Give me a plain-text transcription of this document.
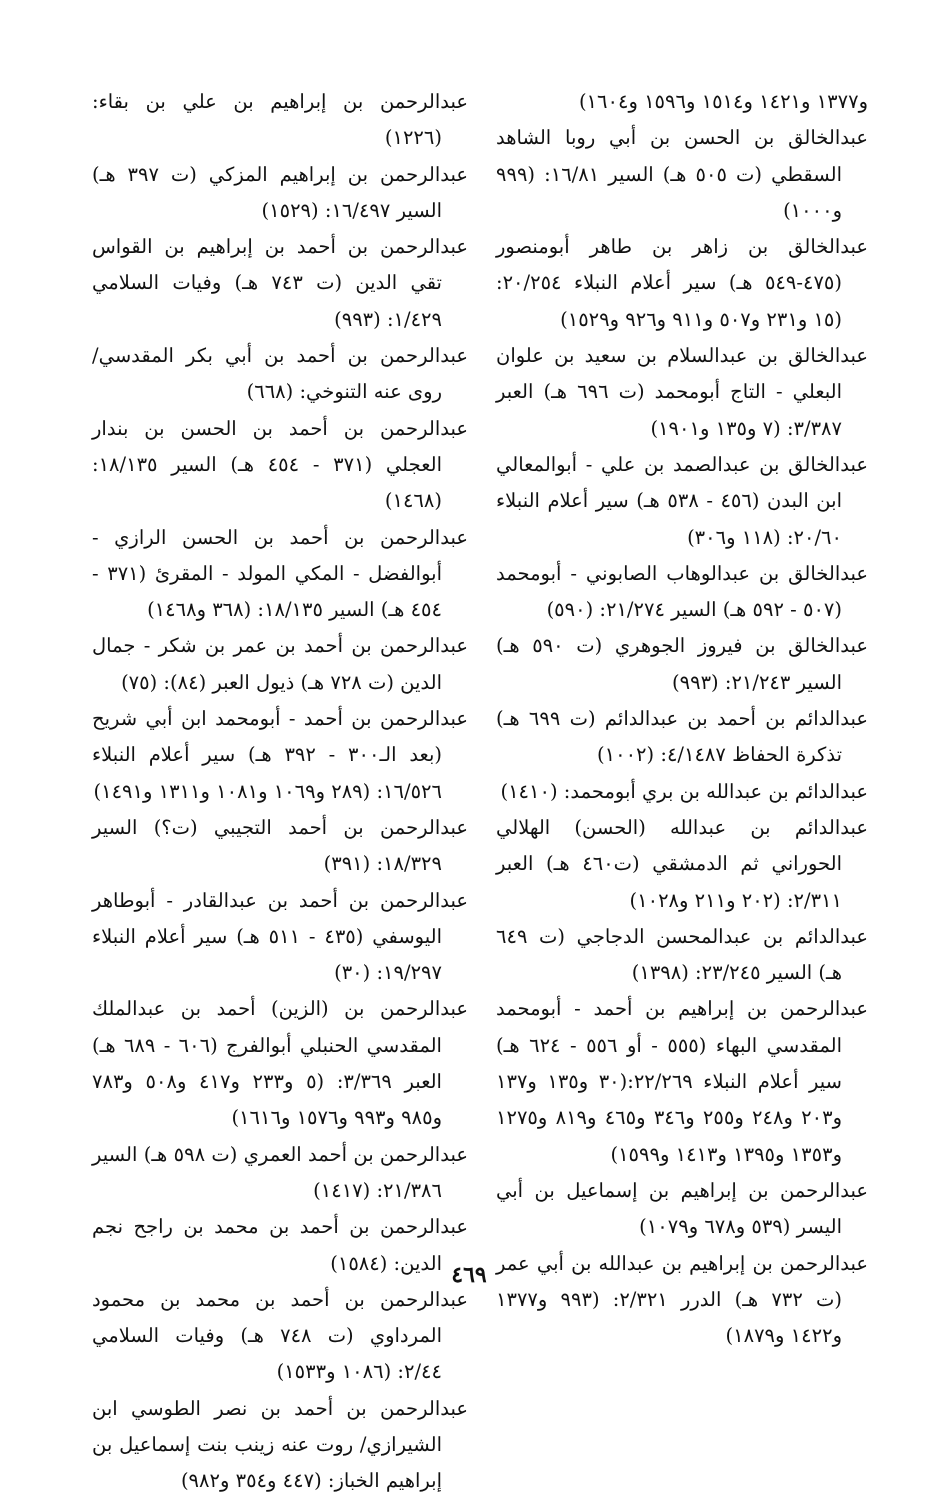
و١٣٧٧ و١٤٢١ و١٥١٤ و١٥٩٦ و١٦٠٤)
عبدالخالق بن الحسن بن أبي روبا الشاهد السقطي (ت ٥٠٥ هـ) السير ١٦/٨١: (٩٩٩ و١٠٠٠)
عبدالخالق بن زاهر بن طاهر أبومنصور (٤٧٥-٥٤٩ هـ) سير أعلام النبلاء ٢٠/٢٥٤: (١٥ و٢٣١ و٥٠٧ و٩١١ و٩٢٦ و١٥٢٩)
عبدالخالق بن عبدالسلام بن سعيد بن علوان البعلي - التاج أبومحمد (ت ٦٩٦ هـ) العبر ٣/٣٨٧: (٧ و١٣٥ و١٩٠١)
عبدالخالق بن عبدالصمد بن علي - أبوالمعالي ابن البدن (٤٥٦ - ٥٣٨ هـ) سير أعلام النبلاء ٢٠/٦٠: (١١٨ و٣٠٦)
عبدالخالق بن عبدالوهاب الصابوني - أبومحمد (٥٠٧ - ٥٩٢ هـ) السير ٢١/٢٧٤: (٥٩٠)
عبدالخالق بن فيروز الجوهري (ت ٥٩٠ هـ) السير ٢١/٢٤٣: (٩٩٣)
عبدالدائم بن أحمد بن عبدالدائم (ت ٦٩٩ هـ) تذكرة الحفاظ ٤/١٤٨٧: (١٠٠٢)
عبدالدائم بن عبدالله بن بري أبومحمد: (١٤١٠)
عبدالدائم بن عبدالله (الحسن) الهلالي الحوراني ثم الدمشقي (ت٤٦٠ هـ) العبر ٢/٣١١: (٢٠٢ و٢١١ و١٠٢٨)
عبدالدائم بن عبدالمحسن الدجاجي (ت ٦٤٩ هـ) السير ٢٣/٢٤٥: (١٣٩٨)
عبدالرحمن بن إبراهيم بن أحمد - أبومحمد المقدسي البهاء (٥٥٥ - أو ٥٥٦ - ٦٢٤ هـ) سير أعلام النبلاء ٢٢/٢٦٩:(٣٠ و١٣٥ و١٣٧ و٢٠٣ و٢٤٨ و٢٥٥ و٣٤٦ و٤٦٥ و٨١٩ و١٢٧٥ و١٣٥٣ و١٣٩٥ و١٤١٣ و١٥٩٩)
عبدالرحمن بن إبراهيم بن إسماعيل بن أبي اليسر (٥٣٩ و٦٧٨ و١٠٧٩)
عبدالرحمن بن إبراهيم بن عبدالله بن أبي عمر (ت ٧٣٢ هـ) الدرر ٢/٣٢١: (٩٩٣ و١٣٧٧ و١٤٢٢ و١٨٧٩)
عبدالرحمن بن إبراهيم بن علي بن بقاء: (١٢٢٦)
عبدالرحمن بن إبراهيم المزكي (ت ٣٩٧ هـ) السير ١٦/٤٩٧: (١٥٢٩)
عبدالرحمن بن أحمد بن إبراهيم بن القواس تقي الدين (ت ٧٤٣ هـ) وفيات السلامي ١/٤٢٩: (٩٩٣)
عبدالرحمن بن أحمد بن أبي بكر المقدسي/ روى عنه التنوخي: (٦٦٨)
عبدالرحمن بن أحمد بن الحسن بن بندار العجلي (٣٧١ - ٤٥٤ هـ) السير ١٨/١٣٥: (١٤٦٨)
عبدالرحمن بن أحمد بن الحسن الرازي - أبوالفضل - المكي المولد - المقرئ (٣٧١ - ٤٥٤ هـ) السير ١٨/١٣٥: (٣٦٨ و١٤٦٨)
عبدالرحمن بن أحمد بن عمر بن شكر - جمال الدين (ت ٧٢٨ هـ) ذيول العبر (٨٤): (٧٥)
عبدالرحمن بن أحمد - أبومحمد ابن أبي شريح (بعد الـ٣٠٠ - ٣٩٢ هـ) سير أعلام النبلاء ١٦/٥٢٦: (٢٨٩ و١٠٦٩ و١٠٨١ و١٣١١ و١٤٩١)
عبدالرحمن بن أحمد التجيبي (ت؟) السير ١٨/٣٢٩: (٣٩١)
عبدالرحمن بن أحمد بن عبدالقادر - أبوطاهر اليوسفي (٤٣٥ - ٥١١ هـ) سير أعلام النبلاء ١٩/٢٩٧: (٣٠)
عبدالرحمن بن (الزين) أحمد بن عبدالملك المقدسي الحنبلي أبوالفرج (٦٠٦ - ٦٨٩ هـ) العبر ٣/٣٦٩: (٥ و٢٣٣ و٤١٧ و٥٠٨ و٧٨٣ و٩٨٥ و٩٩٣ و١٥٧٦ و١٦١٦)
عبدالرحمن بن أحمد العمري (ت ٥٩٨ هـ) السير ٢١/٣٨٦: (١٤١٧)
عبدالرحمن بن أحمد بن محمد بن راجح نجم الدين: (١٥٨٤)
عبدالرحمن بن أحمد بن محمد بن محمود المرداوي (ت ٧٤٨ هـ) وفيات السلامي ٢/٤٤: (١٠٨٦ و١٥٣٣)
عبدالرحمن بن أحمد بن نصر الطوسي ابن الشيرازي/ روت عنه زينب بنت إسماعيل بن إبراهيم الخباز: (٤٤٧ و٣٥٤ و٩٨٢)
٤٦٩
